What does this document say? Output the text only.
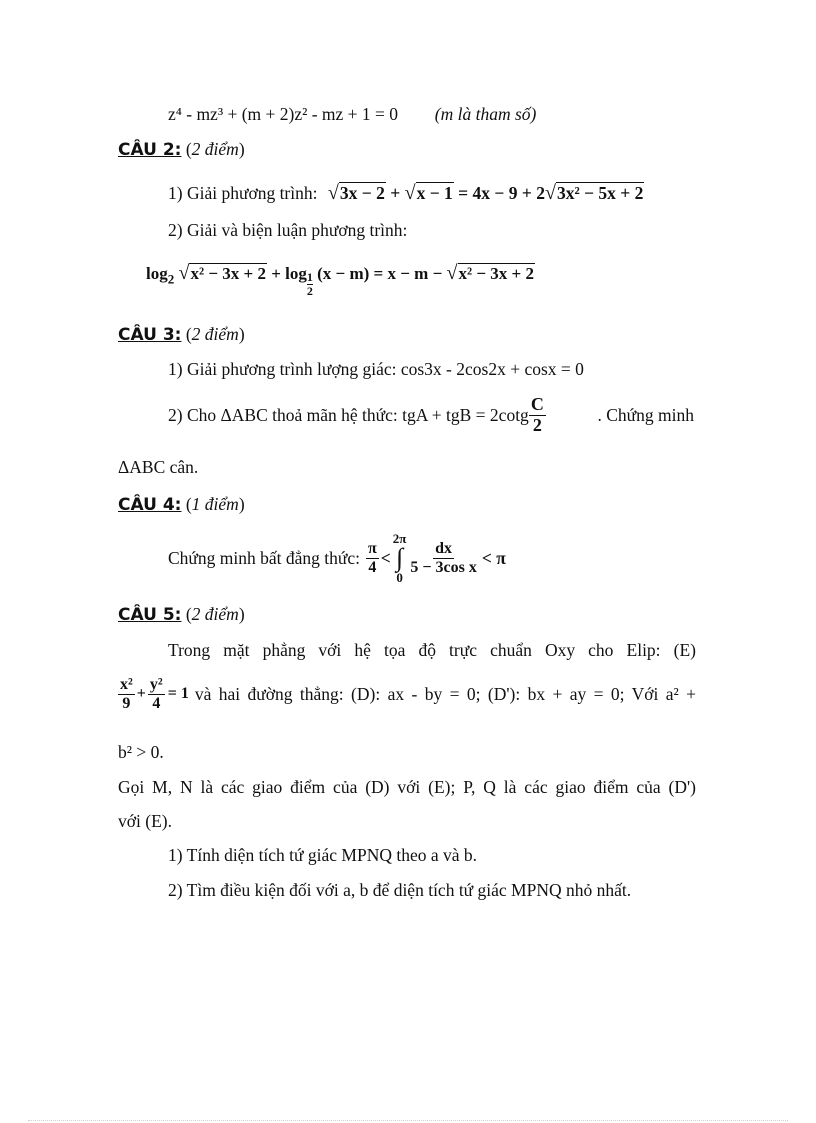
z⁴ - mz³ + (m + 2)z² - mz + 1 = 0 (m là tham số)
CÂU 2: (2 điểm)
1) Giải phương trình: √3x − 2 + √x − 1 = 4x − 9 + 2√3x² − 5x + 2
2) Giải và biện luận phương trình:
$\log_2 √x^2 - 3x + 2 + \log \frac{1}{2} (x - m) = x - m - √x^2 - 3x + 2$
CÂU 3: (2 điểm)
1) Giải phương trình lượng giác: cos3x - 2cos2x + cosx = 0
2) Cho ΔABC thoả mãn hệ thức: tgA + tgB = $2\cot g \frac{C}{2}$	. Chứng minh
ΔABC cân.
CÂU 4: (1 điểm)
Chứng minh bất đẳng thức: $\frac{\pi}{4}$ <
2π
∫
0
$\frac{dx}{\text{5 − 3cos x}} < \pi$
CÂU 5: (2 điểm)
Trong mặt phẳng với hệ tọa độ trực chuẩn Oxy cho Elip: (E)
$\frac{\text{x²}}{9} + \frac{\text{y²}}{4} = 1$ và hai đường thẳng: (D): ax - by = 0; (D'): bx + ay = 0; Với a² +
b² > 0.
Gọi M, N là các giao điểm của (D) với (E); P, Q là các giao điểm của (D')
với (E).
1) Tính diện tích tứ giác MPNQ theo a và b.
2) Tìm điều kiện đối với a, b để diện tích tứ giác MPNQ nhỏ nhất.
